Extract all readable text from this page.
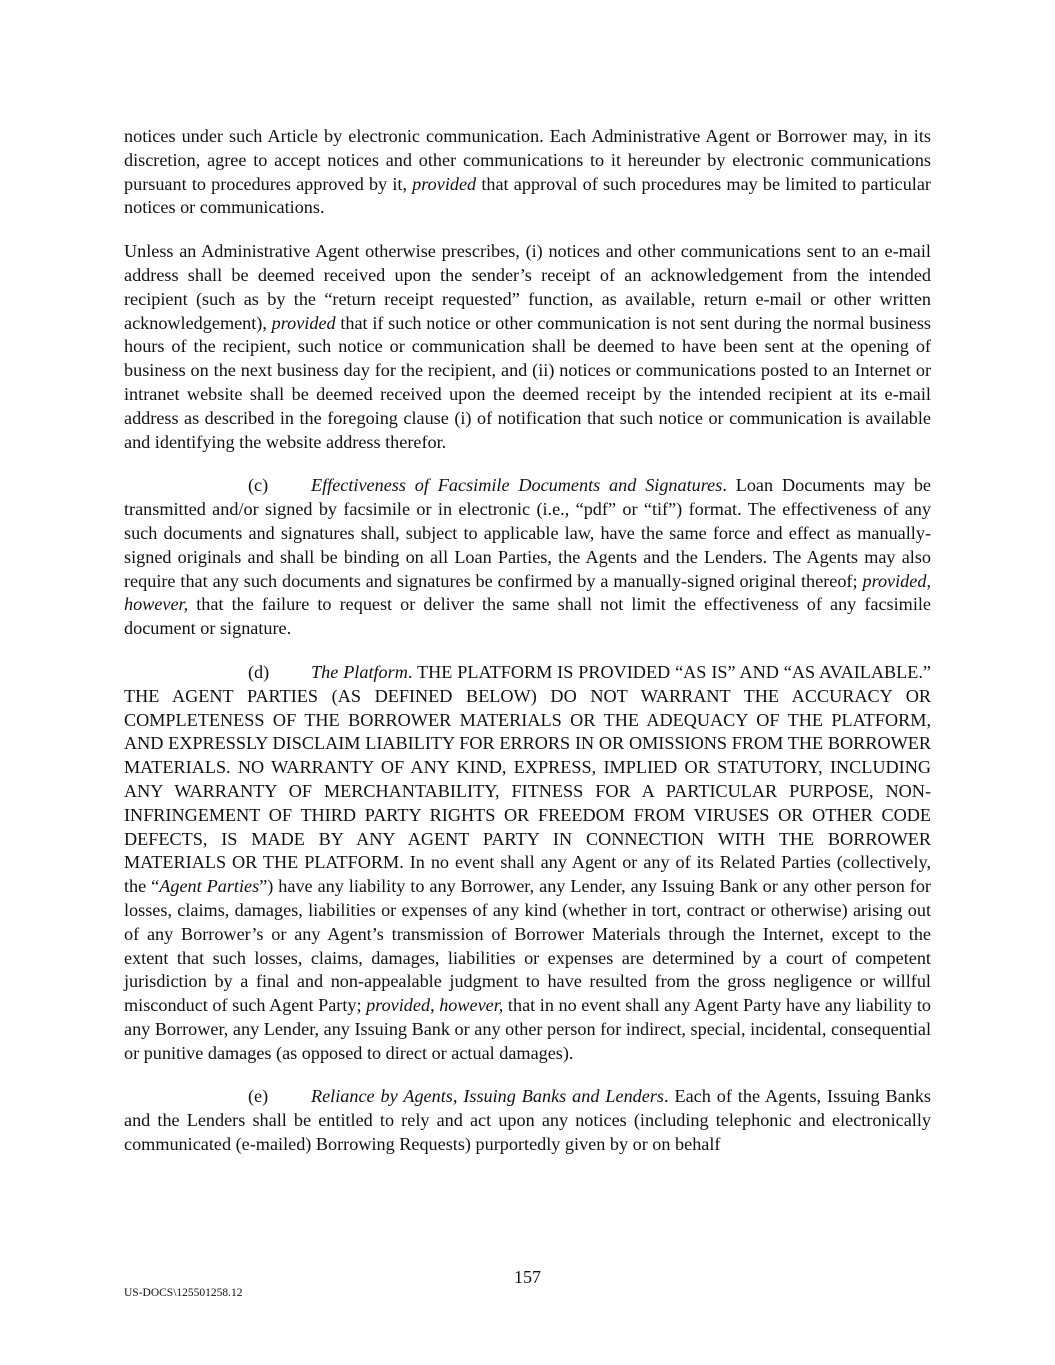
notices under such Article by electronic communication. Each Administrative Agent or Borrower may, in its discretion, agree to accept notices and other communications to it hereunder by electronic communications pursuant to procedures approved by it, provided that approval of such procedures may be limited to particular notices or communications.

Unless an Administrative Agent otherwise prescribes, (i) notices and other communications sent to an e-mail address shall be deemed received upon the sender’s receipt of an acknowledgement from the intended recipient (such as by the “return receipt requested” function, as available, return e-mail or other written acknowledgement), provided that if such notice or other communication is not sent during the normal business hours of the recipient, such notice or communication shall be deemed to have been sent at the opening of business on the next business day for the recipient, and (ii) notices or communications posted to an Internet or intranet website shall be deemed received upon the deemed receipt by the intended recipient at its e-mail address as described in the foregoing clause (i) of notification that such notice or communication is available and identifying the website address therefor.

(c) Effectiveness of Facsimile Documents and Signatures. Loan Documents may be transmitted and/or signed by facsimile or in electronic (i.e., “pdf” or “tif”) format. The effectiveness of any such documents and signatures shall, subject to applicable law, have the same force and effect as manually-signed originals and shall be binding on all Loan Parties, the Agents and the Lenders. The Agents may also require that any such documents and signatures be confirmed by a manually-signed original thereof; provided, however, that the failure to request or deliver the same shall not limit the effectiveness of any facsimile document or signature.

(d) The Platform. THE PLATFORM IS PROVIDED “AS IS” AND “AS AVAILABLE.” THE AGENT PARTIES (AS DEFINED BELOW) DO NOT WARRANT THE ACCURACY OR COMPLETENESS OF THE BORROWER MATERIALS OR THE ADEQUACY OF THE PLATFORM, AND EXPRESSLY DISCLAIM LIABILITY FOR ERRORS IN OR OMISSIONS FROM THE BORROWER MATERIALS. NO WARRANTY OF ANY KIND, EXPRESS, IMPLIED OR STATUTORY, INCLUDING ANY WARRANTY OF MERCHANTABILITY, FITNESS FOR A PARTICULAR PURPOSE, NON-INFRINGEMENT OF THIRD PARTY RIGHTS OR FREEDOM FROM VIRUSES OR OTHER CODE DEFECTS, IS MADE BY ANY AGENT PARTY IN CONNECTION WITH THE BORROWER MATERIALS OR THE PLATFORM. In no event shall any Agent or any of its Related Parties (collectively, the “Agent Parties”) have any liability to any Borrower, any Lender, any Issuing Bank or any other person for losses, claims, damages, liabilities or expenses of any kind (whether in tort, contract or otherwise) arising out of any Borrower’s or any Agent’s transmission of Borrower Materials through the Internet, except to the extent that such losses, claims, damages, liabilities or expenses are determined by a court of competent jurisdiction by a final and non-appealable judgment to have resulted from the gross negligence or willful misconduct of such Agent Party; provided, however, that in no event shall any Agent Party have any liability to any Borrower, any Lender, any Issuing Bank or any other person for indirect, special, incidental, consequential or punitive damages (as opposed to direct or actual damages).

(e) Reliance by Agents, Issuing Banks and Lenders. Each of the Agents, Issuing Banks and the Lenders shall be entitled to rely and act upon any notices (including telephonic and electronically communicated (e-mailed) Borrowing Requests) purportedly given by or on behalf

157
US-DOCS\125501258.12
